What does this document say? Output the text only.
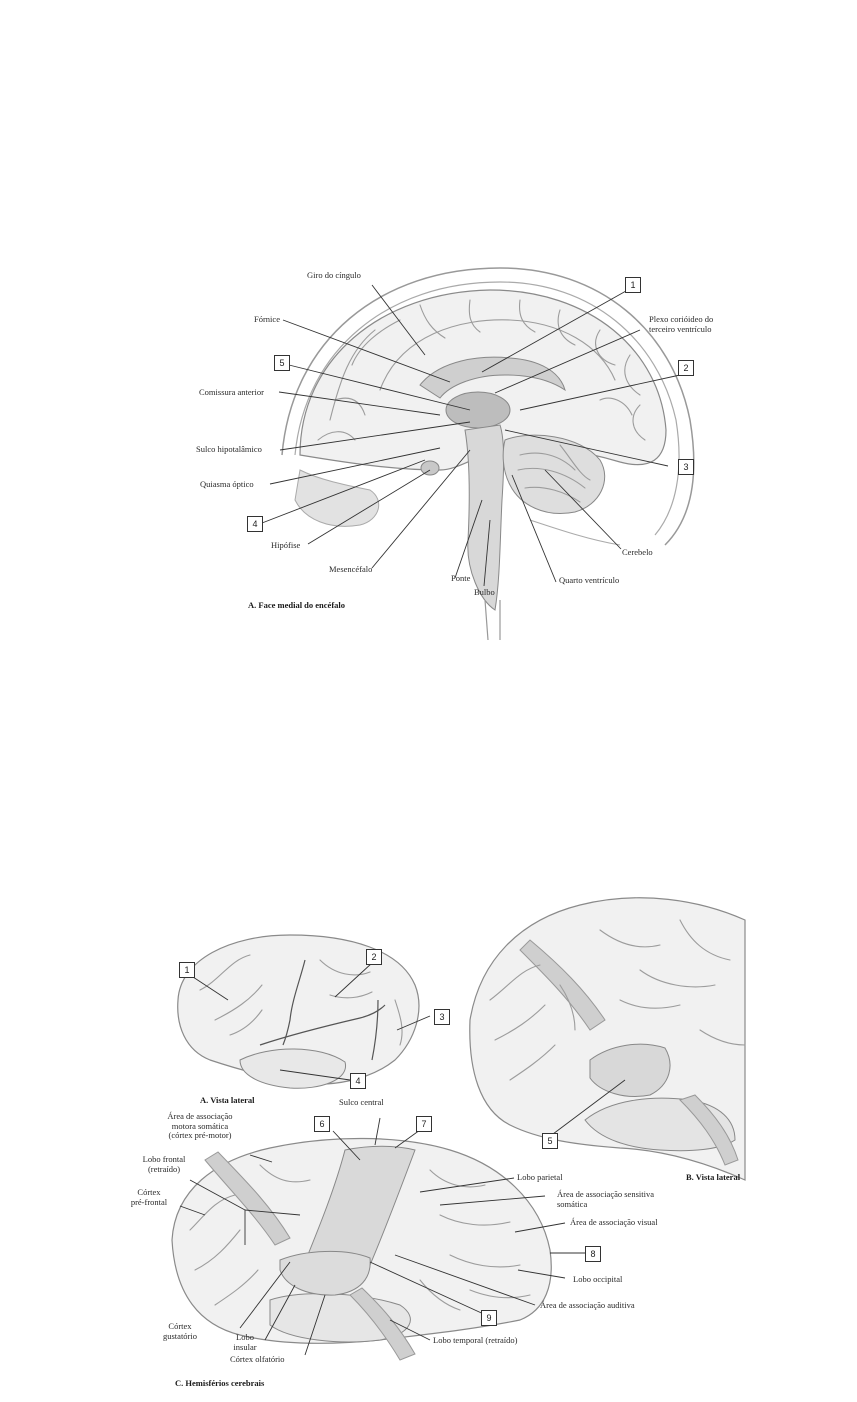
Giro do cíngulo
Fórnice	Plexo corióideo do
terceiro ventrículo
Comissura anterior
Sulco hipotalâmico
Quiasma óptico
Hipófise
Mesencéfalo
Ponte
Bulbo
Quarto ventrículo
Cerebelo
1
2
3
4
5
A. Face medial do encéfalo
1
2
3
4
5
6	7
8
9
A. Vista lateral
B. Vista lateral
C. Hemisférios cerebrais
Sulco central
Área de associação
motora somática
(córtex pré-motor)
Lobo frontal
(retraído)
Córtex
pré-frontal
Lobo parietal
Área de associação sensitiva
somática
Área de associação visual
Lobo occipital
Área de associação auditiva
Lobo temporal (retraído)
Córtex
gustatório	Lobo
insular
Córtex olfatório
